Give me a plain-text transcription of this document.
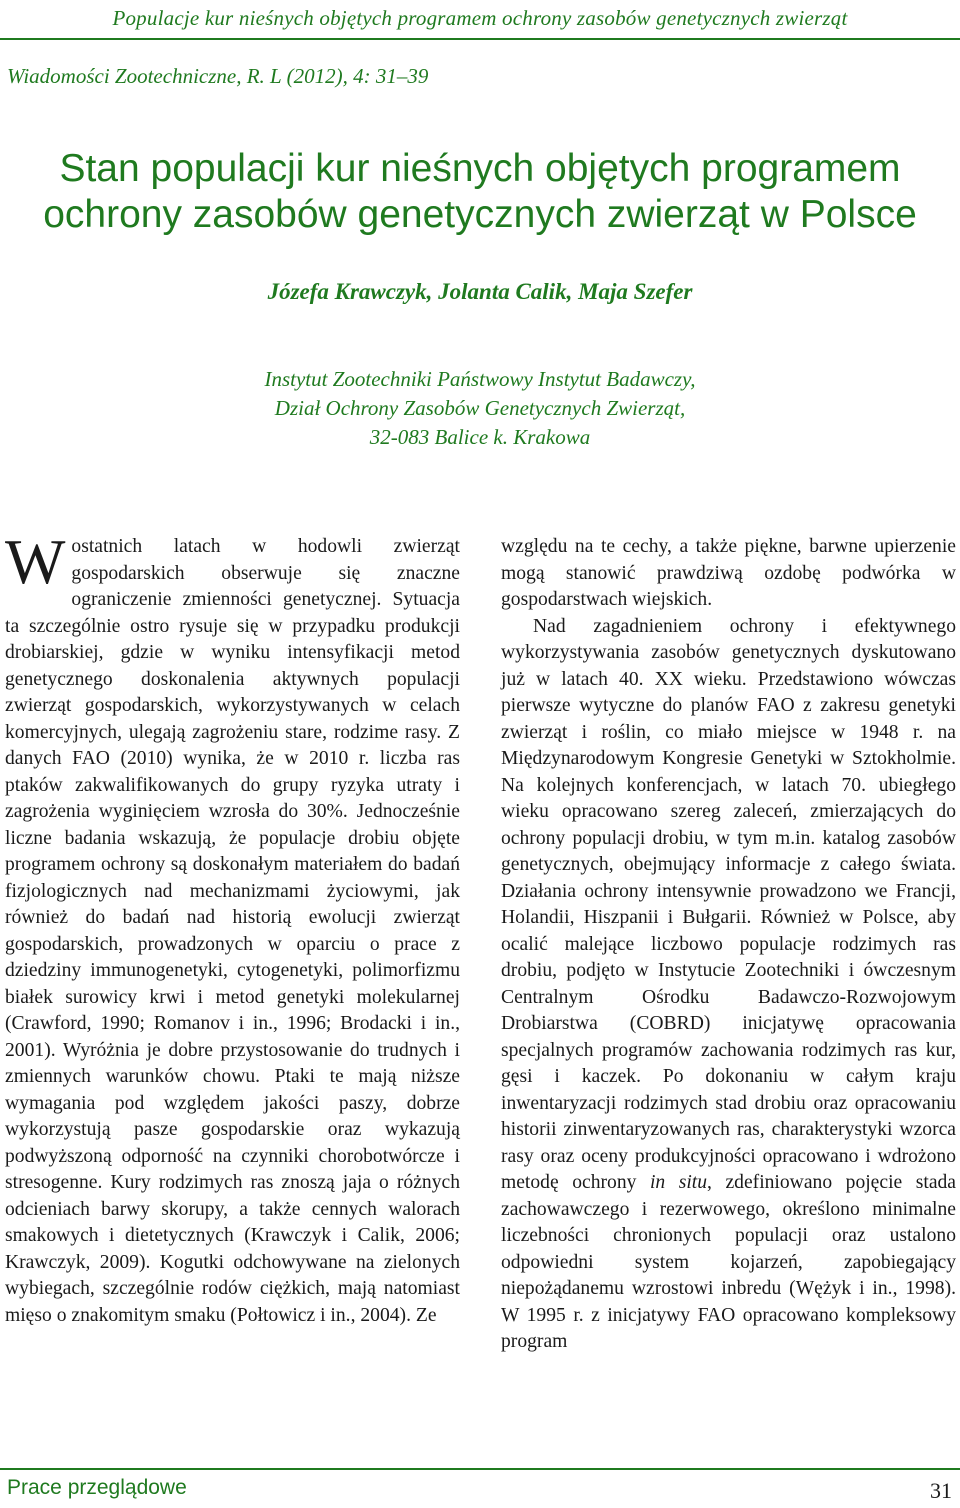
Populacje kur nieśnych objętych programem ochrony zasobów genetycznych zwierząt
Wiadomości Zootechniczne, R. L (2012), 4: 31–39
Stan populacji kur nieśnych objętych programem
ochrony zasobów genetycznych zwierząt w Polsce
Józefa Krawczyk, Jolanta Calik, Maja Szefer
Instytut Zootechniki Państwowy Instytut Badawczy,
Dział Ochrony Zasobów Genetycznych Zwierząt,
32-083 Balice k. Krakowa

Wostatnich latach w hodowli zwierząt gospodarskich obserwuje się znaczne ograniczenie zmienności genetycznej. Sytuacja ta szczególnie ostro rysuje się w przypadku produkcji drobiarskiej, gdzie w wyniku intensyfikacji metod genetycznego doskonalenia aktywnych populacji zwierząt gospodarskich, wykorzystywanych w celach komercyjnych, ulegają zagrożeniu stare, rodzime rasy. Z danych FAO (2010) wynika, że w 2010 r. liczba ras ptaków zakwalifikowanych do grupy ryzyka utraty i zagrożenia wyginięciem wzrosła do 30%. Jednocześnie liczne badania wskazują, że populacje drobiu objęte programem ochrony są doskonałym materiałem do badań fizjologicznych nad mechanizmami życiowymi, jak również do badań nad historią ewolucji zwierząt gospodarskich, prowadzonych w oparciu o prace z dziedziny immunogenetyki, cytogenetyki, polimorfizmu białek surowicy krwi i metod genetyki molekularnej (Crawford, 1990; Romanov i in., 1996; Brodacki i in., 2001). Wyróżnia je dobre przystosowanie do trudnych i zmiennych warunków chowu. Ptaki te mają niższe wymagania pod względem jakości paszy, dobrze wykorzystują pasze gospodarskie oraz wykazują podwyższoną odporność na czynniki chorobotwórcze i stresogenne. Kury rodzimych ras znoszą jaja o różnych odcieniach barwy skorupy, a także cennych walorach smakowych i dietetycznych (Krawczyk i Calik, 2006; Krawczyk, 2009). Kogutki odchowywane na zielonych wybiegach, szczególnie rodów ciężkich, mają natomiast mięso o znakomitym smaku (Połtowicz i in., 2004). Ze

względu na te cechy, a także piękne, barwne upierzenie mogą stanowić prawdziwą ozdobę podwórka w gospodarstwach wiejskich.

Nad zagadnieniem ochrony i efektywnego wykorzystywania zasobów genetycznych dyskutowano już w latach 40. XX wieku. Przedstawiono wówczas pierwsze wytyczne do planów FAO z zakresu genetyki zwierząt i roślin, co miało miejsce w 1948 r. na Międzynarodowym Kongresie Genetyki w Sztokholmie. Na kolejnych konferencjach, w latach 70. ubiegłego wieku opracowano szereg zaleceń, zmierzających do ochrony populacji drobiu, w tym m.in. katalog zasobów genetycznych, obejmujący informacje z całego świata. Działania ochrony intensywnie prowadzono we Francji, Holandii, Hiszpanii i Bułgarii. Również w Polsce, aby ocalić malejące liczbowo populacje rodzimych ras drobiu, podjęto w Instytucie Zootechniki i ówczesnym Centralnym Ośrodku Badawczo-Rozwojowym Drobiarstwa (COBRD) inicjatywę opracowania specjalnych programów zachowania rodzimych ras kur, gęsi i kaczek. Po dokonaniu w całym kraju inwentaryzacji rodzimych stad drobiu oraz opracowaniu historii zinwentaryzowanych ras, charakterystyki wzorca rasy oraz oceny produkcyjności opracowano i wdrożono metodę ochrony in situ, zdefiniowano pojęcie stada zachowawczego i rezerwowego, określono minimalne liczebności chronionych populacji oraz ustalono odpowiedni system kojarzeń, zapobiegający niepożądanemu wzrostowi inbredu (Wężyk i in., 1998). W 1995 r. z inicjatywy FAO opracowano kompleksowy program

Prace przeglądowe	31
